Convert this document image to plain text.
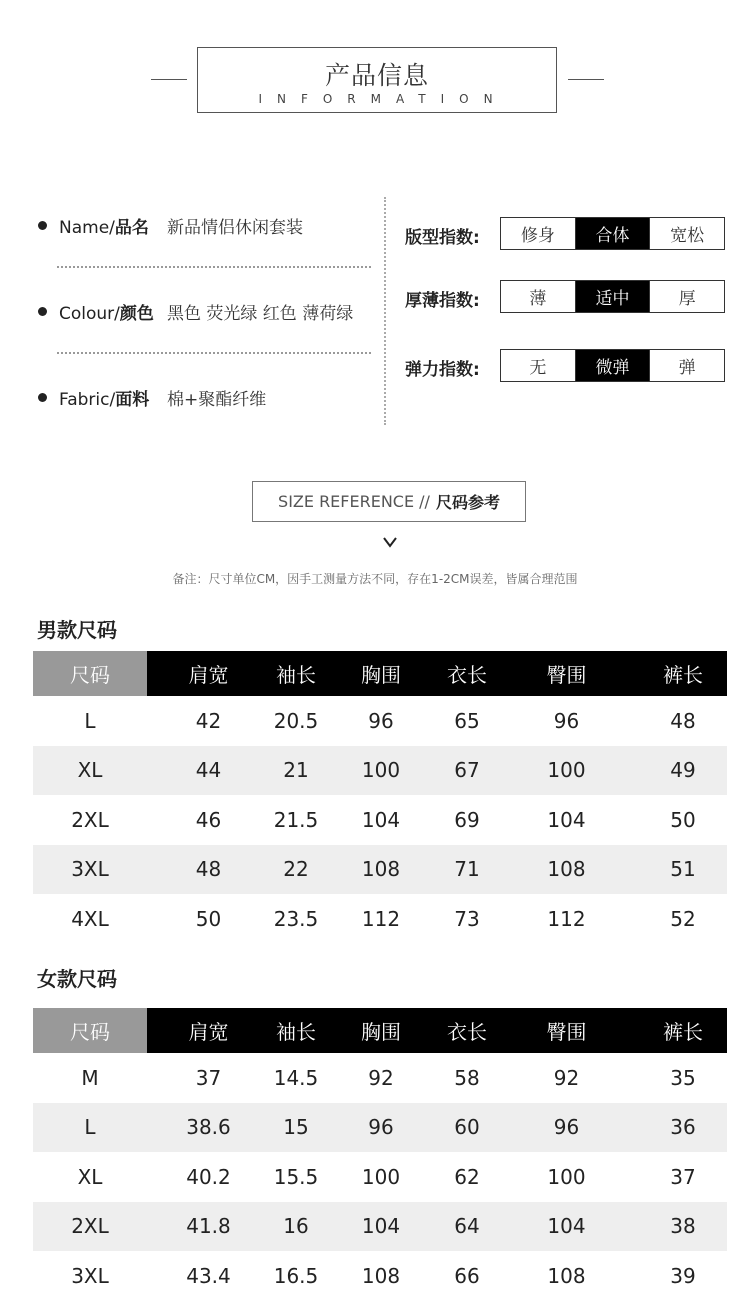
产品信息
INFORMATION
Name/品名	新品情侣休闲套装
Colour/颜色 黑色 荧光绿 红色 薄荷绿
Fabric/面料	棉+聚酯纤维
版型指数:	修身	合体	宽松
厚薄指数:	薄	适中	厚
弹力指数:	无	微弹	弹
SIZE REFERENCE // 尺码参考
备注：尺寸单位CM，因手工测量方法不同，存在1-2CM误差，皆属合理范围
男款尺码
尺码	肩宽	袖长	胸围	衣长	臀围	裤长
L	42	20.5	96	65	96	48
XL	44	21	100	67	100	49
2XL	46	21.5	104	69	104	50
3XL	48	22	108	71	108	51
4XL	50	23.5	112	73	112	52
女款尺码
尺码	肩宽	袖长	胸围	衣长	臀围	裤长
M	37	14.5	92	58	92	35
L	38.6	15	96	60	96	36
XL	40.2	15.5	100	62	100	37
2XL	41.8	16	104	64	104	38
3XL	43.4	16.5	108	66	108	39
